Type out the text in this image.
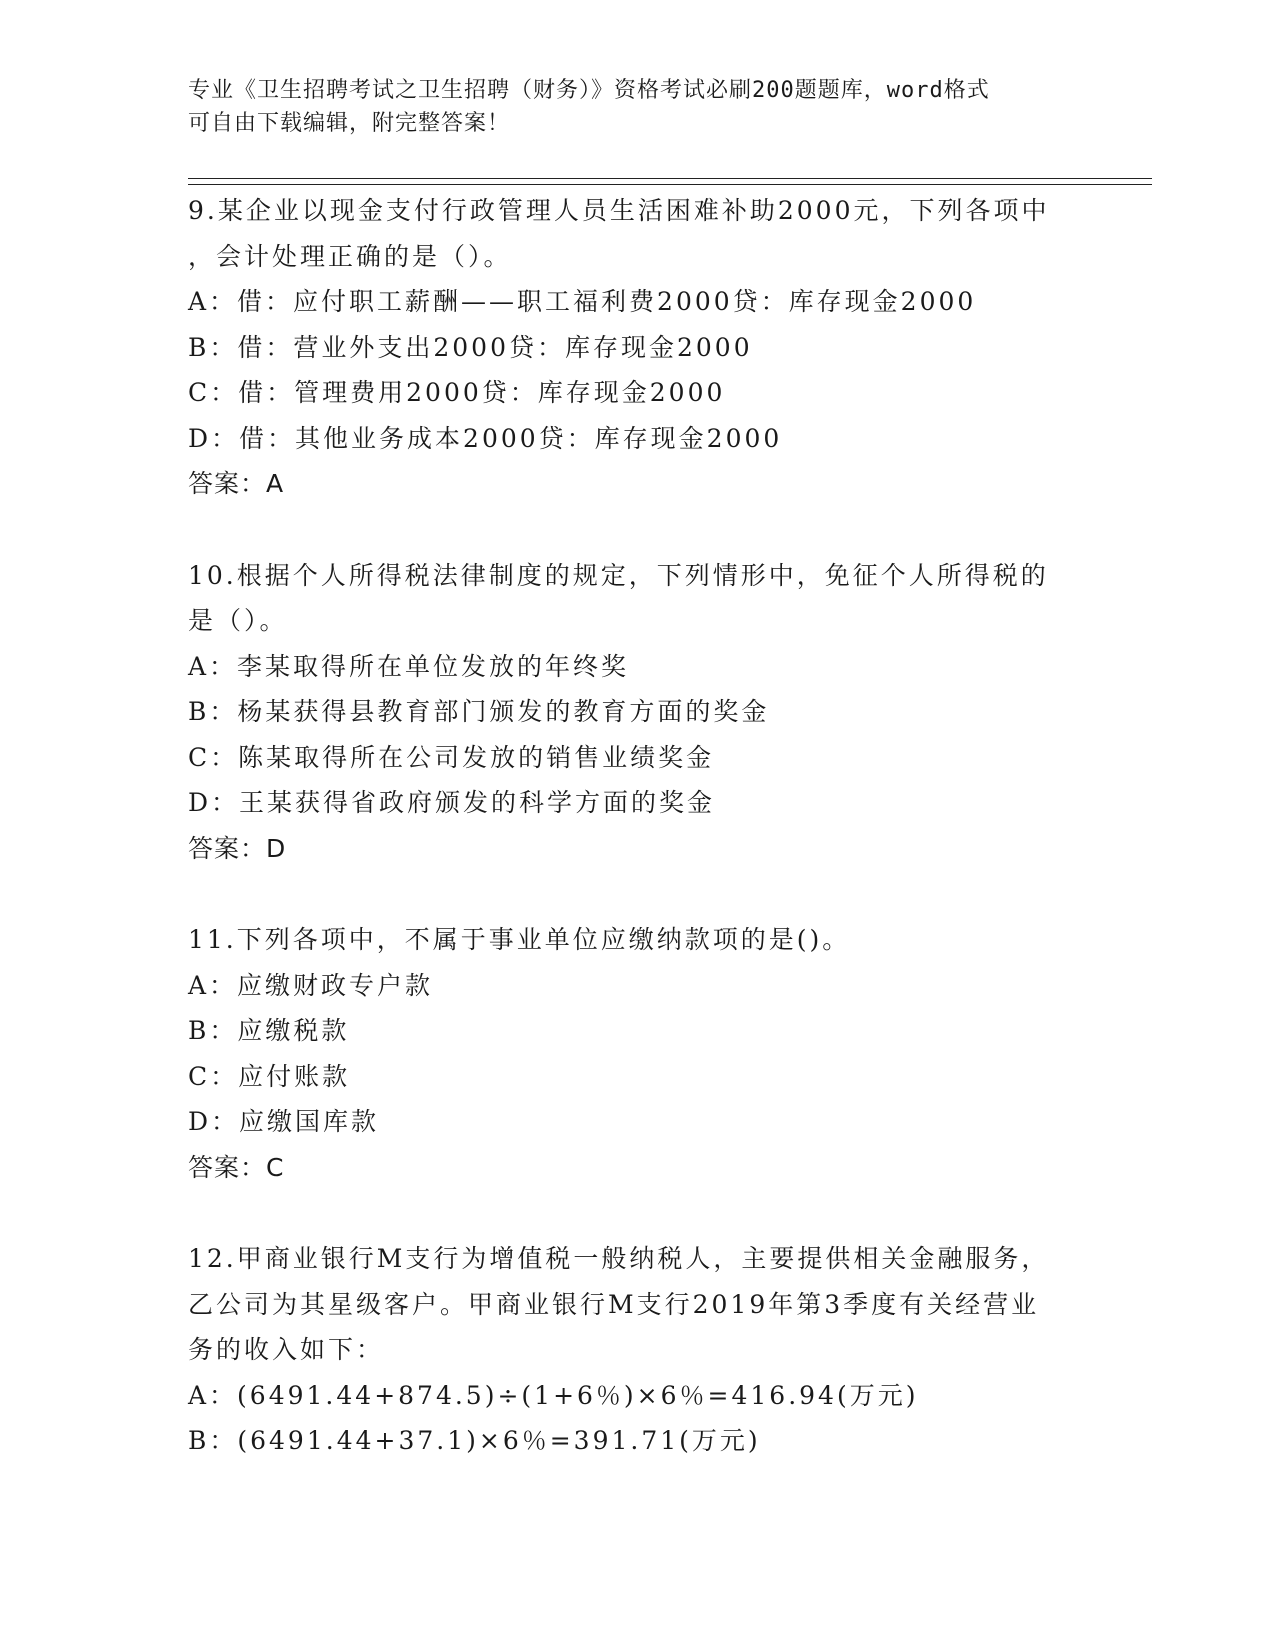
专业《卫生招聘考试之卫生招聘（财务）》资格考试必刷200题题库，word格式
可自由下载编辑，附完整答案！
9.某企业以现金支付行政管理人员生活困难补助2000元，下列各项中
，会计处理正确的是（）。
A：借：应付职工薪酬——职工福利费2000贷：库存现金2000
B：借：营业外支出2000贷：库存现金2000
C：借：管理费用2000贷：库存现金2000
D：借：其他业务成本2000贷：库存现金2000
答案：A
10.根据个人所得税法律制度的规定，下列情形中，免征个人所得税的
是（）。
A：李某取得所在单位发放的年终奖
B：杨某获得县教育部门颁发的教育方面的奖金
C：陈某取得所在公司发放的销售业绩奖金
D：王某获得省政府颁发的科学方面的奖金
答案：D
11.下列各项中，不属于事业单位应缴纳款项的是()。
A：应缴财政专户款
B：应缴税款
C：应付账款
D：应缴国库款
答案：C
12.甲商业银行M支行为增值税一般纳税人，主要提供相关金融服务，
乙公司为其星级客户。甲商业银行M支行2019年第3季度有关经营业
务的收入如下：
A：(6491.44+874.5)÷(1+6％)×6％=416.94(万元)
B：(6491.44+37.1)×6％=391.71(万元)
